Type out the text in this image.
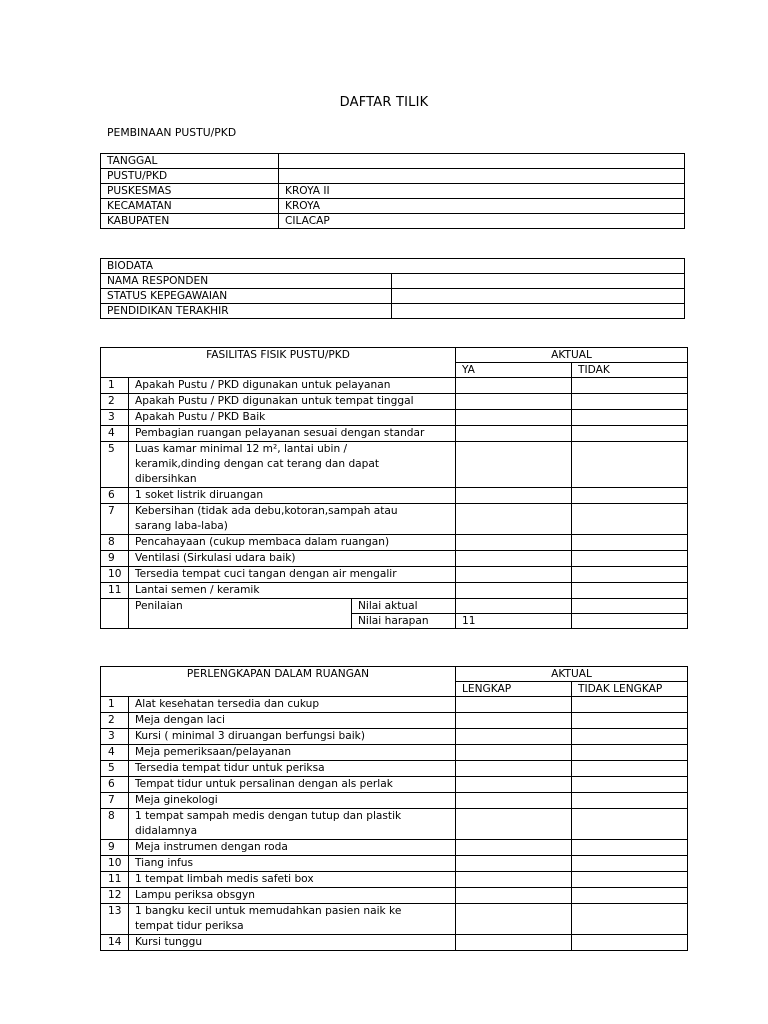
DAFTAR TILIK
PEMBINAAN PUSTU/PKD
TANGGAL	
PUSTU/PKD	
PUSKESMAS	KROYA II
KECAMATAN	KROYA
KABUPATEN	CILACAP
BIODATA	
NAMA RESPONDEN	
STATUS KEPEGAWAIAN	
PENDIDIKAN TERAKHIR	
FASILITAS FISIK PUSTU/PKD			AKTUAL	
			YA	TIDAK
1	Apakah Pustu / PKD digunakan untuk pelayanan			
2	Apakah Pustu / PKD digunakan untuk tempat tinggal			
3	Apakah Pustu / PKD Baik			
4	Pembagian ruangan pelayanan sesuai dengan standar			
5	Luas kamar minimal 12 m², lantai ubin / keramik,dinding dengan cat terang dan dapat dibersihkan			
6	1 soket listrik diruangan			
7	Kebersihan (tidak ada debu,kotoran,sampah atau sarang laba-laba)			
8	Pencahayaan (cukup membaca dalam ruangan)			
9	Ventilasi (Sirkulasi udara baik)			
10	Tersedia tempat cuci tangan dengan air mengalir			
11	Lantai semen / keramik			
	Penilaian	Nilai aktual		
		Nilai harapan	11	
PERLENGKAPAN DALAM RUANGAN		AKTUAL	
		LENGKAP	TIDAK LENGKAP
1	Alat kesehatan tersedia dan cukup		
2	Meja dengan laci		
3	Kursi ( minimal 3 diruangan berfungsi baik)		
4	Meja pemeriksaan/pelayanan		
5	Tersedia tempat tidur untuk periksa		
6	Tempat tidur untuk persalinan dengan als perlak		
7	Meja ginekologi		
8	1 tempat sampah medis dengan tutup dan plastik didalamnya		
9	Meja instrumen dengan roda		
10	Tiang infus		
11	1 tempat limbah medis safeti box		
12	Lampu periksa obsgyn		
13	1 bangku kecil untuk memudahkan pasien naik ke tempat tidur periksa		
14	Kursi tunggu		
